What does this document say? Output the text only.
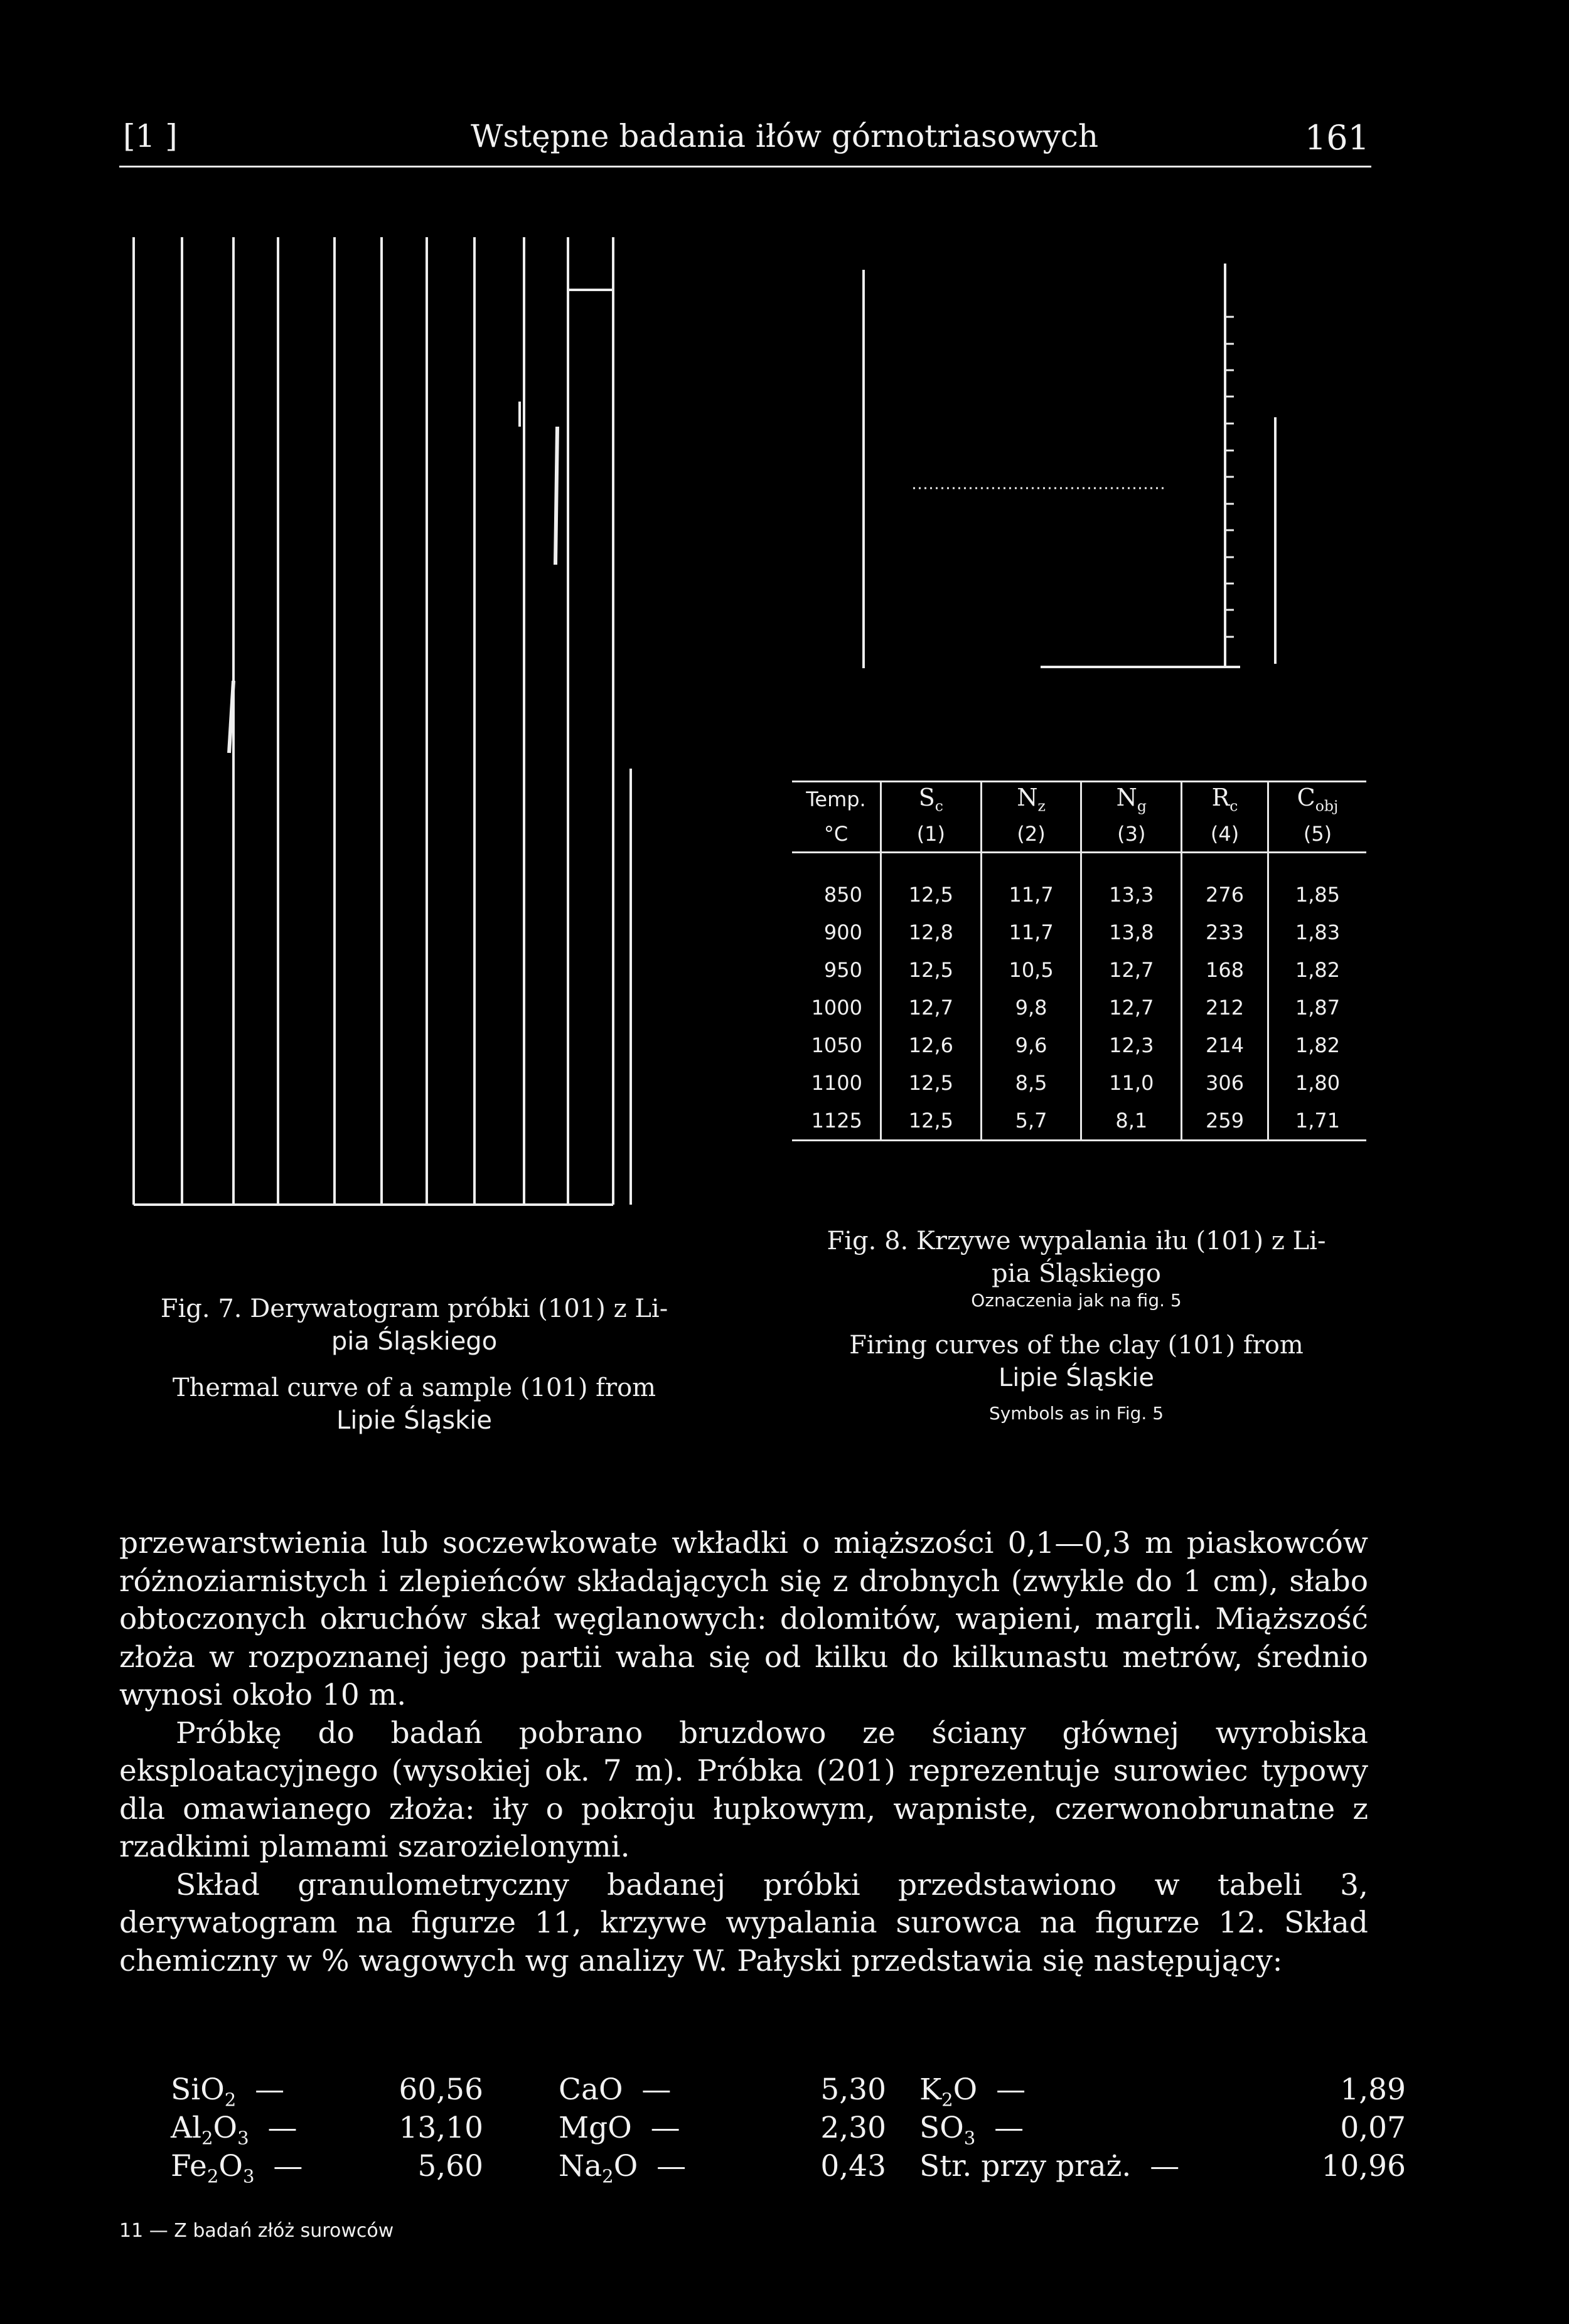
[1 ]	Wstępne badania iłów górnotriasowych	161
Temp.	$S_c$	$N_z$	$N_g$	$R_c$	$C_{obj}$
°C	(1)	(2)	(3)	(4)	(5)
850	12,5	11,7	13,3	276	1,85
900	12,8	11,7	13,8	233	1,83
950	12,5	10,5	12,7	168	1,82
1000	12,7	9,8	12,7	212	1,87
1050	12,6	9,6	12,3	214	1,82
1100	12,5	8,5	11,0	306	1,80
1125	12,5	5,7	8,1	259	1,71
Fig. 8. Krzywe wypalania iłu (101) z Li-
pia Śląskiego
Oznaczenia jak na fig. 5
Firing curves of the clay (101) from
Lipie Śląskie
Symbols as in Fig. 5
Fig. 7. Derywatogram próbki (101) z Li-
pia Śląskiego
Thermal curve of a sample (101) from
Lipie Śląskie

przewarstwienia lub soczewkowate wkładki o miąższości 0,1—0,3 m piaskowców różnoziarnistych i zlepieńców składających się z drobnych (zwykle do 1 cm), słabo obtoczonych okruchów skał węglanowych: dolomitów, wapieni, margli. Miąższość złoża w rozpoznanej jego partii waha się od kilku do kilkunastu metrów, średnio wynosi około 10 m.

Próbkę do badań pobrano bruzdowo ze ściany głównej wyrobiska eksploatacyjnego (wysokiej ok. 7 m). Próbka (201) reprezentuje surowiec typowy dla omawianego złoża: iły o pokroju łupkowym, wapniste, czerwonobrunatne z rzadkimi plamami szarozielonymi.

Skład granulometryczny badanej próbki przedstawiono w tabeli 3, derywatogram na figurze 11, krzywe wypalania surowca na figurze 12. Skład chemiczny w % wagowych wg analizy W. Pałyski przedstawia się następujący:

SiO$_2$  —	60,56
$Al_2O_3$  —	13,10
$Fe_2O_3$  —	5,60
CaO  —	5,30
MgO  —	2,30
$Na_2O$  —	0,43
$K_2O$  —	1,89
$SO_3$  —	0,07
Str. przy praż.  —	10,96
11 — Z badań złóż surowców
